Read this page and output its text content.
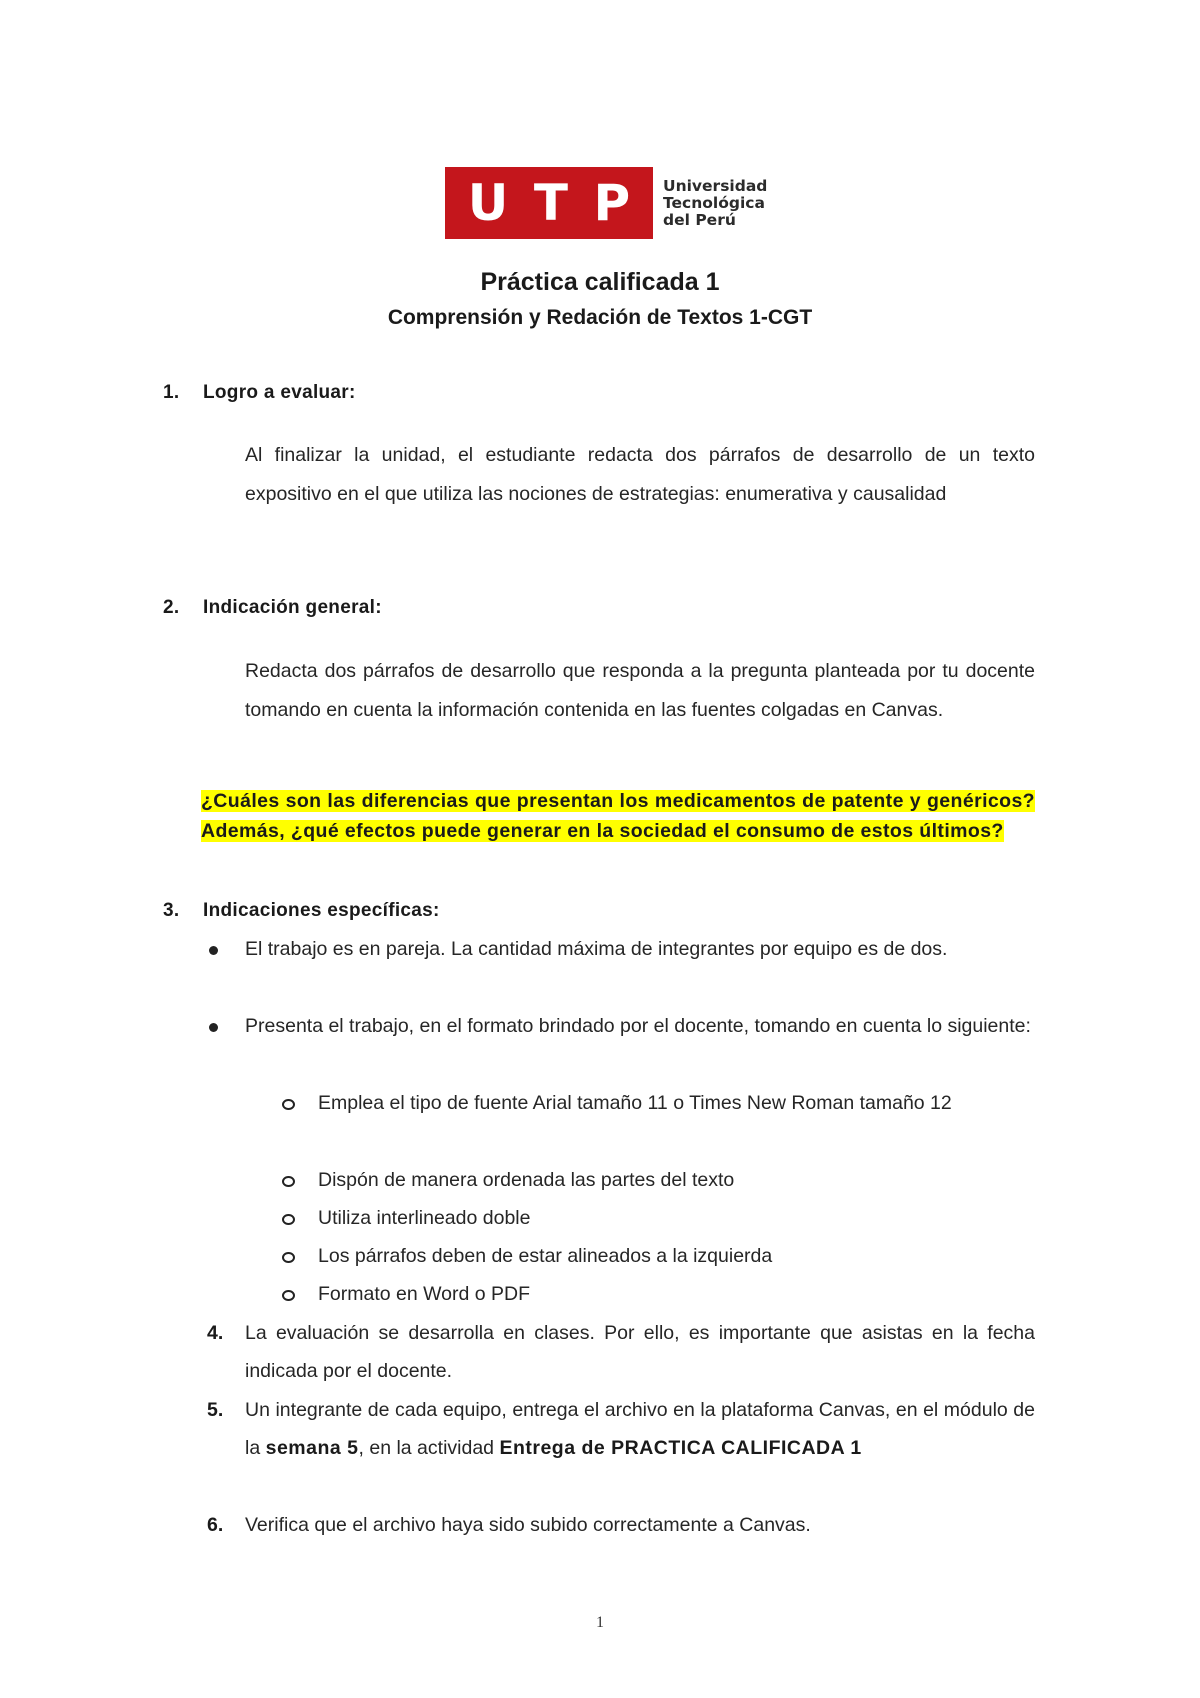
U T P Universidad
Tecnológica
del Perú
Práctica calificada 1
Comprensión y Redación de Textos 1-CGT
1. Logro a evaluar:
Al finalizar la unidad, el estudiante redacta dos párrafos de desarrollo de un texto expositivo en el que utiliza las nociones de estrategias: enumerativa y causalidad
2. Indicación general:
Redacta dos párrafos de desarrollo que responda a la pregunta planteada por tu docente tomando en cuenta la información contenida en las fuentes colgadas en Canvas.
¿Cuáles son las diferencias que presentan los medicamentos de patente y genéricos? Además, ¿qué efectos puede generar en la sociedad el consumo de estos últimos?
3. Indicaciones específicas:
El trabajo es en pareja. La cantidad máxima de integrantes por equipo es de dos.
Presenta el trabajo, en el formato brindado por el docente, tomando en cuenta lo siguiente:
Emplea el tipo de fuente Arial tamaño 11 o Times New Roman tamaño 12
Dispón de manera ordenada las partes del texto
Utiliza interlineado doble
Los párrafos deben de estar alineados a la izquierda
Formato en Word o PDF
4. La evaluación se desarrolla en clases. Por ello, es importante que asistas en la fecha indicada por el docente.
5. Un integrante de cada equipo, entrega el archivo en la plataforma Canvas, en el módulo de la semana 5, en la actividad Entrega de PRACTICA CALIFICADA 1
6. Verifica que el archivo haya sido subido correctamente a Canvas.
1
